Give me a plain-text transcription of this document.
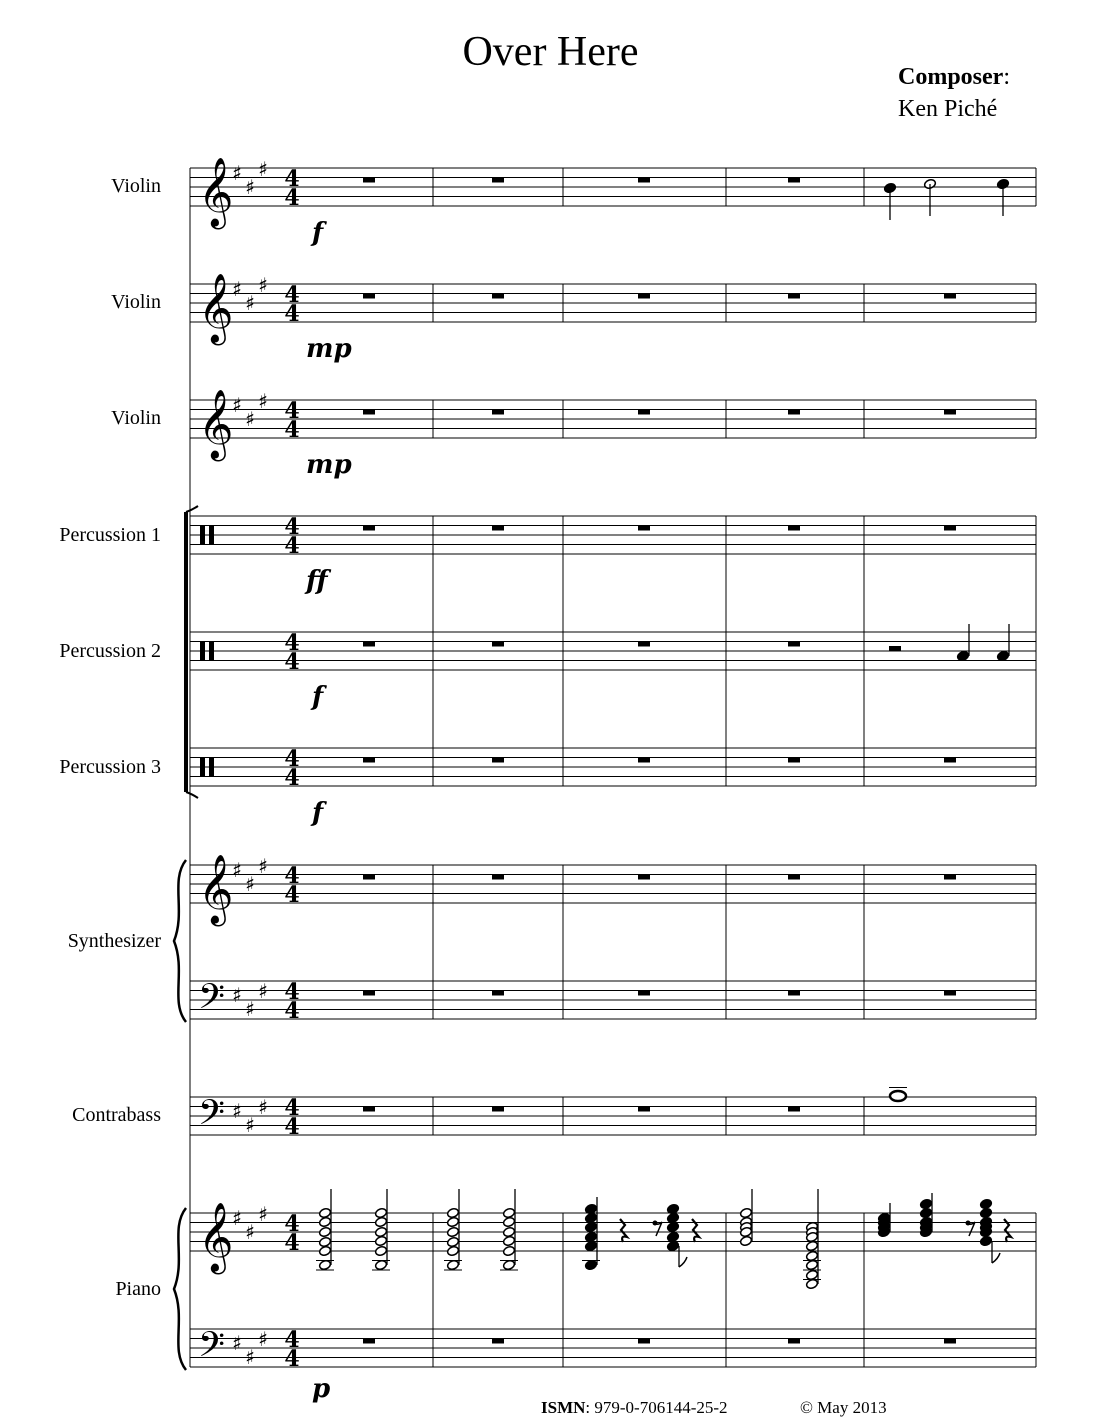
Over Here
Composer:
Ken Piché
Violin
Violin
Violin
Percussion 1
Percussion 2
Percussion 3
Synthesizer
Contrabass
Piano
f
mp
mp
ff
f
f
p
ISMN: 979-0-706144-25-2	© May 2013
𝄞
𝄞
𝄞
𝄞
𝄢
𝄢
𝄞
𝄢
♯
♯
♯
♯
♯
♯
♯
♯
♯
♯
♯
♯
♯
♯
♯
♯
♯
♯
♯
♯
♯
♯
♯
♯
4
4
4
4
4
4
4
4
4
4
4
4
4
4
4
4
4
4
4
4
4
4
